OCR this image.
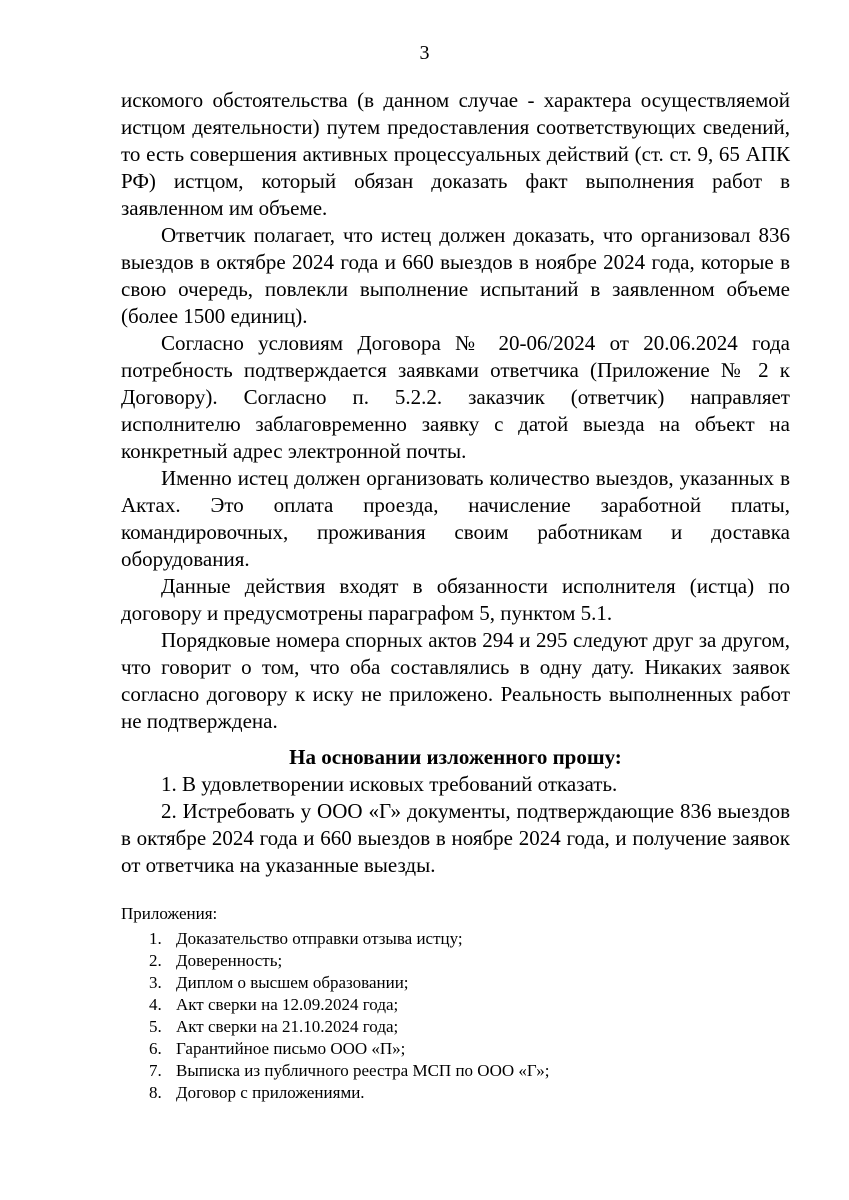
3

искомого обстоятельства (в данном случае - характера осуществляемой истцом деятельности) путем предоставления соответствующих сведений, то есть совершения активных процессуальных действий (ст. ст. 9, 65 АПК РФ) истцом, который обязан доказать факт выполнения работ в заявленном им объеме.

Ответчик полагает, что истец должен доказать, что организовал 836 выездов в октябре 2024 года и 660 выездов в ноябре 2024 года, которые в свою очередь, повлекли выполнение испытаний в заявленном объеме (более 1500 единиц).

Согласно условиям Договора № 20-06/2024 от 20.06.2024 года потребность подтверждается заявками ответчика (Приложение № 2 к Договору). Согласно п. 5.2.2. заказчик (ответчик) направляет исполнителю заблаговременно заявку с датой выезда на объект на конкретный адрес электронной почты.

Именно истец должен организовать количество выездов, указанных в Актах. Это оплата проезда, начисление заработной платы, командировочных, проживания своим работникам и доставка оборудования.

Данные действия входят в обязанности исполнителя (истца) по договору и предусмотрены параграфом 5, пунктом 5.1.

Порядковые номера спорных актов 294 и 295 следуют друг за другом, что говорит о том, что оба составлялись в одну дату. Никаких заявок согласно договору к иску не приложено. Реальность выполненных работ не подтверждена.

На основании изложенного прошу:

1. В удовлетворении исковых требований отказать.

2. Истребовать у ООО «Г» документы, подтверждающие 836 выездов в октябре 2024 года и 660 выездов в ноябре 2024 года, и получение заявок от ответчика на указанные выезды.

Приложения:

1. Доказательство отправки отзыва истцу;
2. Доверенность;
3. Диплом о высшем образовании;
4. Акт сверки на 12.09.2024 года;
5. Акт сверки на 21.10.2024 года;
6. Гарантийное письмо ООО «П»;
7. Выписка из публичного реестра МСП по ООО «Г»;
8. Договор с приложениями.
